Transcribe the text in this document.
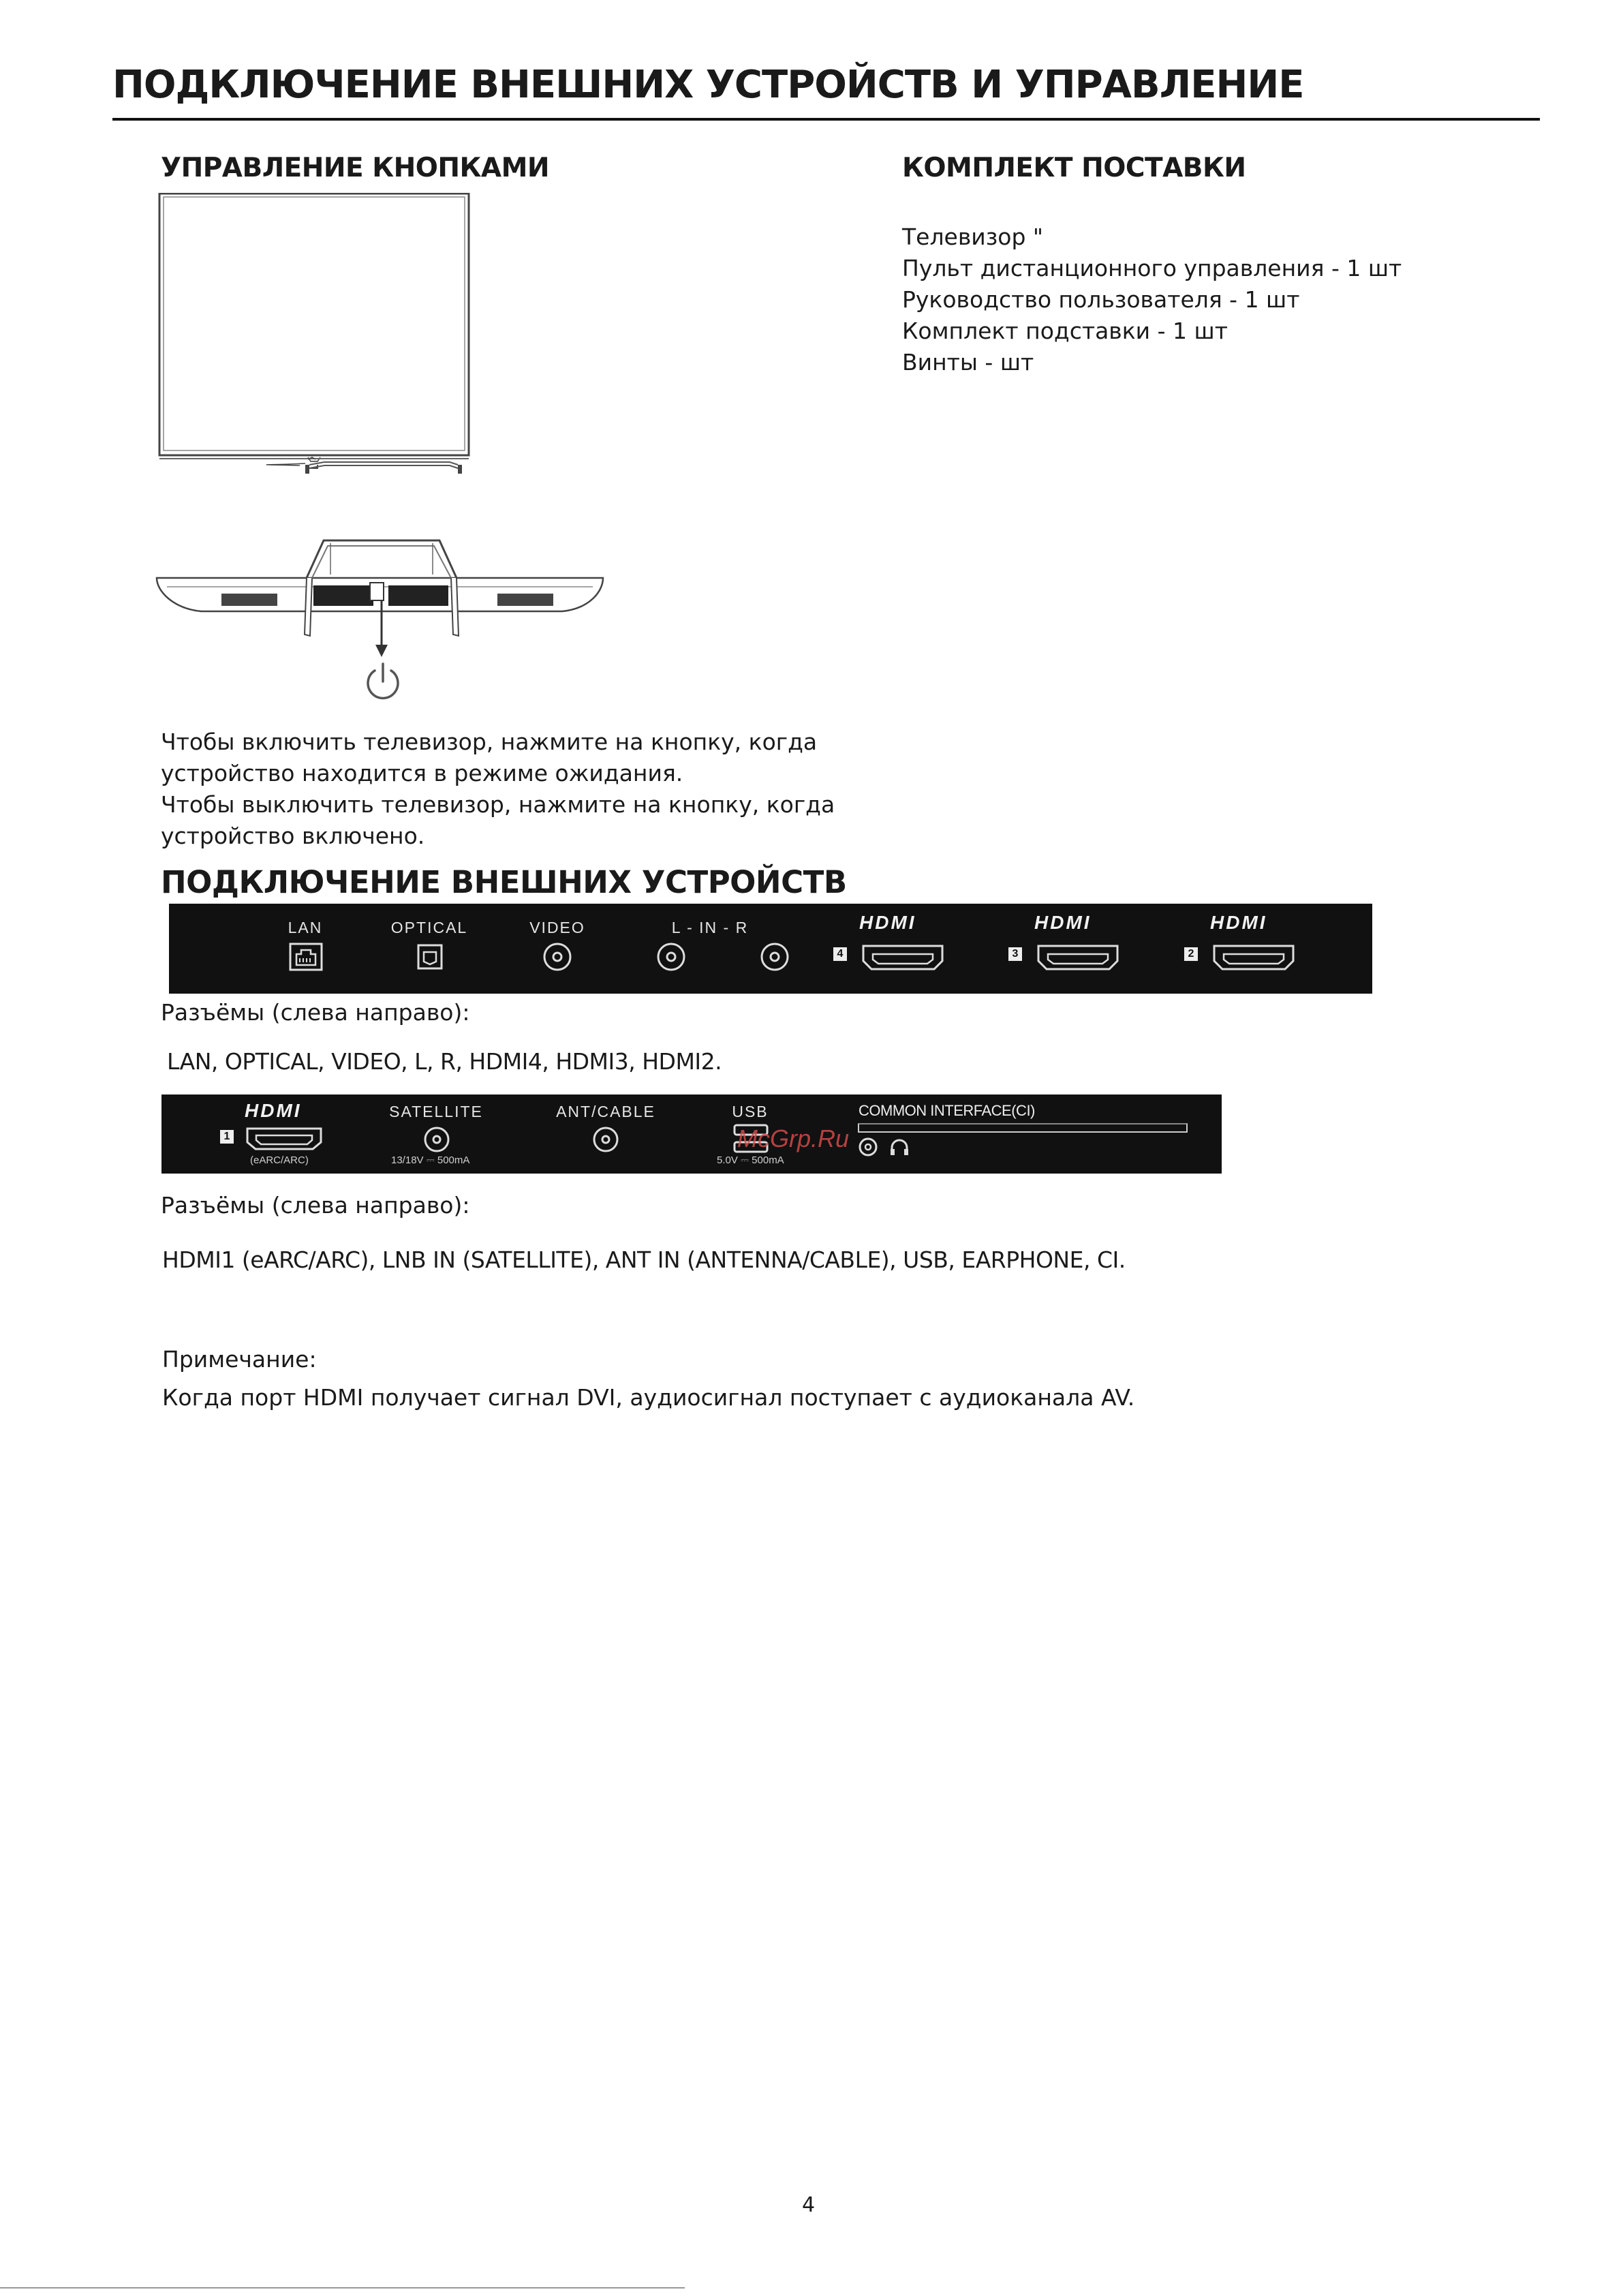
ПОДКЛЮЧЕНИЕ ВНЕШНИХ УСТРОЙСТВ И УПРАВЛЕНИЕ
УПРАВЛЕНИЕ КНОПКАМИ
Чтобы включить телевизор, нажмите на кнопку, когда
устройство находится в режиме ожидания.
Чтобы выключить телевизор, нажмите на кнопку, когда
устройство включено.
КОМПЛЕКТ ПОСТАВКИ
Телевизор "
Пульт дистанционного управления - 1 шт
Руководство пользователя - 1 шт
Комплект подставки - 1 шт
Винты - шт
ПОДКЛЮЧЕНИЕ ВНЕШНИХ УСТРОЙСТВ
LAN	OPTICAL	VIDEO	L - IN - R	HDMI
4
HDMI
3
HDMI
2
Разъёмы (слева направо):
LAN, OPTICAL, VIDEO, L, R, HDMI4, HDMI3, HDMI2.
HDMI
1
(eARC/ARC)
SATELLITE
13/18V ⎓ 500mA
ANT/CABLE	USB
5.0V ⎓ 500mA
COMMON INTERFACE(CI)
McGrp.Ru
Разъёмы (слева направо):
HDMI1 (eARC/ARC), LNB IN (SATELLITE), ANT IN (ANTENNA/CABLE), USB, EARPHONE, CI.
Примечание:
Когда порт HDMI получает сигнал DVI, аудиосигнал поступает с аудиоканала AV.
4
